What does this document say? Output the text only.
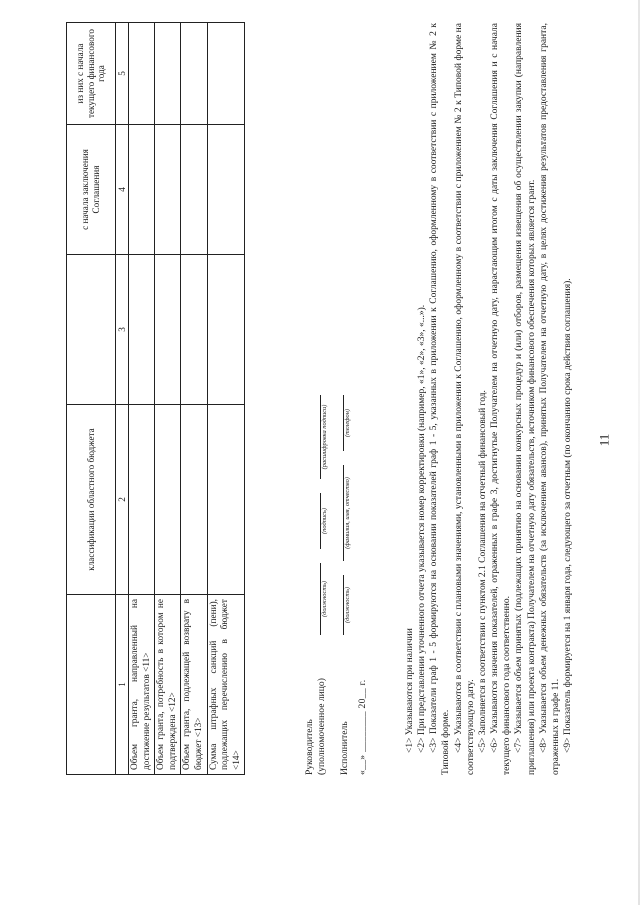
11
	классификации областного бюджета		с начала заключения Соглашения	из них с начала текущего финансового года
1	2	3	4	5
Объем гранта, направленный на достижение результатов <11>				
Объем гранта, потребность в котором не подтверждена <12>				
Объем гранта, подлежащей возврату в бюджет <13>				
Сумма штрафных санкций (пени), подлежащих перечислению в бюджет <14>					Руководитель (уполномоченное лицо)
(должность)
(подпись)
(расшифровка подписи)
Исполнитель
(должность)
(фамилия, имя, отчество)
(телефон)
«__» ________ 20__ г.	<1> Указываются при наличии <2> При представлении уточненного отчета указывается номер корректировки (например, «1», «2», «3», «...»). <3> Показатели граф 1 - 5 формируются на основании показателей граф 1 - 5, указанных в приложении к Соглашению, оформленному в соответствии с приложением № 2 к Типовой форме. <4> Указываются в соответствии с плановыми значениями, установленными в приложении к Соглашению, оформленному в соответствии с приложением № 2 к Типовой форме на соответствующую дату. <5> Заполняется в соответствии с пунктом 2.1 Соглашения на отчетный финансовый год. <6> Указываются значения показателей, отраженных в графе 3, достигнутые Получателем на отчетную дату, нарастающим итогом с даты заключения Соглашения и с начала текущего финансового года соответственно. <7> Указывается объем принятых (подлежащих принятию на основании конкурсных процедур и (или) отборов, размещения извещения об осуществлении закупки (направления приглашения) или проекта контракта) Получателем на отчетную дату обязательств, источником финансового обеспечения которых является грант. <8> Указывается объем денежных обязательств (за исключением авансов), принятых Получателем на отчетную дату, в целях достижения результатов предоставления гранта, отраженных в графе 11. <9> Показатель формируется на 1 января года, следующего за отчетным (по окончанию срока действия соглашения).
